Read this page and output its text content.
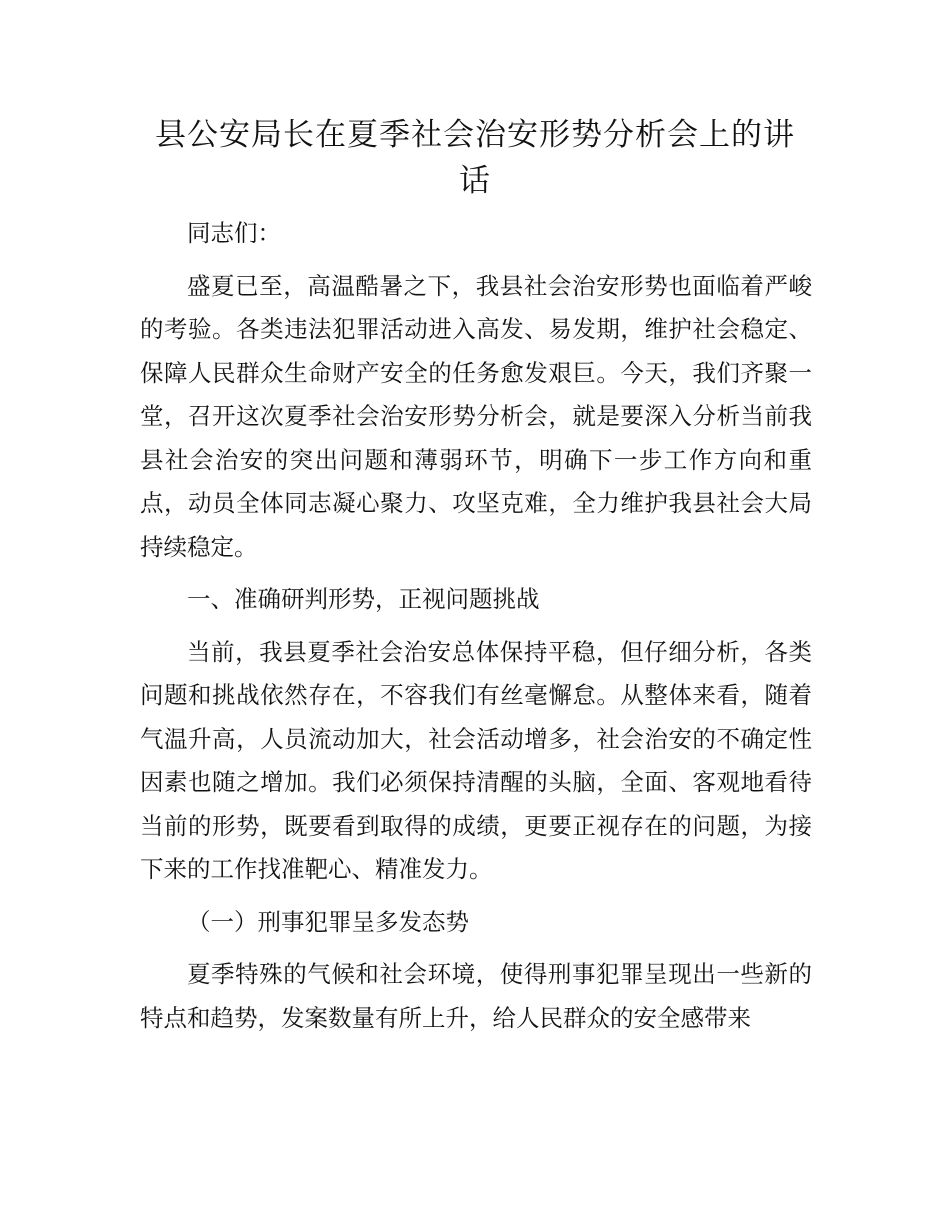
县公安局长在夏季社会治安形势分析会上的讲话

同志们：

盛夏已至，高温酷暑之下，我县社会治安形势也面临着严峻的考验。各类违法犯罪活动进入高发、易发期，维护社会稳定、保障人民群众生命财产安全的任务愈发艰巨。今天，我们齐聚一堂，召开这次夏季社会治安形势分析会，就是要深入分析当前我县社会治安的突出问题和薄弱环节，明确下一步工作方向和重点，动员全体同志凝心聚力、攻坚克难，全力维护我县社会大局持续稳定。

一、准确研判形势，正视问题挑战

当前，我县夏季社会治安总体保持平稳，但仔细分析，各类问题和挑战依然存在，不容我们有丝毫懈怠。从整体来看，随着气温升高，人员流动加大，社会活动增多，社会治安的不确定性因素也随之增加。我们必须保持清醒的头脑，全面、客观地看待当前的形势，既要看到取得的成绩，更要正视存在的问题，为接下来的工作找准靶心、精准发力。

（一）刑事犯罪呈多发态势

夏季特殊的气候和社会环境，使得刑事犯罪呈现出一些新的特点和趋势，发案数量有所上升，给人民群众的安全感带来
